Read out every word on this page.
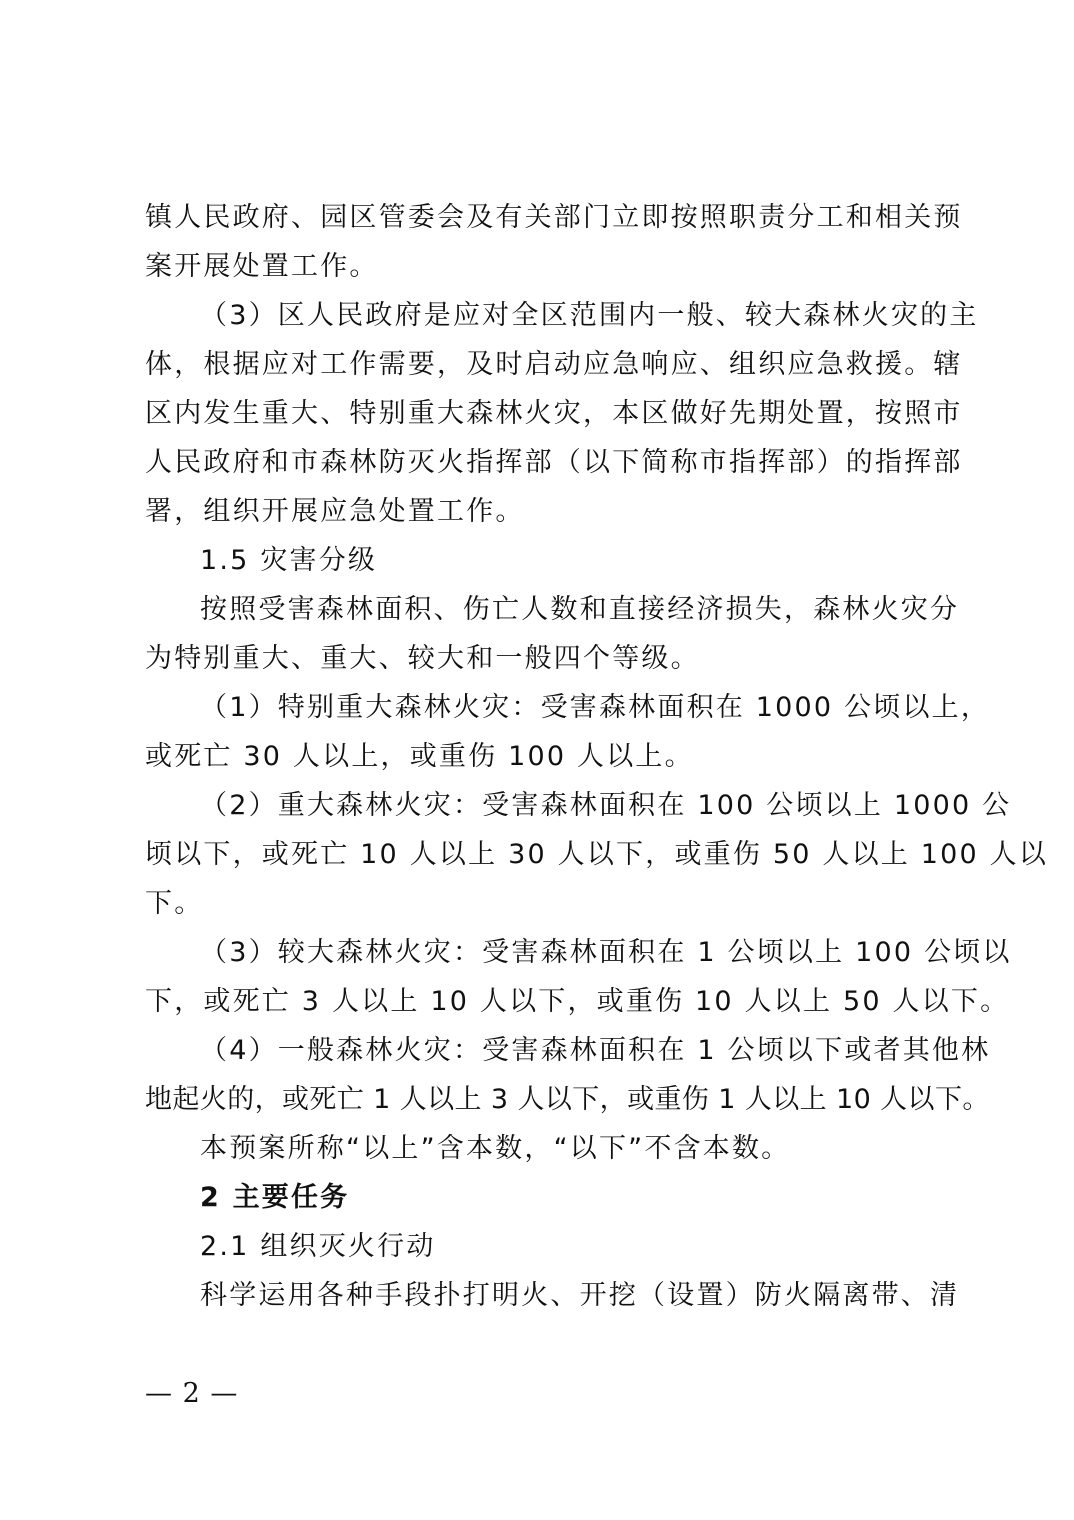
镇人民政府、园区管委会及有关部门立即按照职责分工和相关预
案开展处置工作。
（3）区人民政府是应对全区范围内一般、较大森林火灾的主
体，根据应对工作需要，及时启动应急响应、组织应急救援。辖
区内发生重大、特别重大森林火灾，本区做好先期处置，按照市
人民政府和市森林防灭火指挥部（以下简称市指挥部）的指挥部
署，组织开展应急处置工作。
1.5 灾害分级
按照受害森林面积、伤亡人数和直接经济损失，森林火灾分
为特别重大、重大、较大和一般四个等级。
（1）特别重大森林火灾：受害森林面积在 1000 公顷以上，
或死亡 30 人以上，或重伤 100 人以上。
（2）重大森林火灾：受害森林面积在 100 公顷以上 1000 公
顷以下，或死亡 10 人以上 30 人以下，或重伤 50 人以上 100 人以
下。
（3）较大森林火灾：受害森林面积在 1 公顷以上 100 公顷以
下，或死亡 3 人以上 10 人以下，或重伤 10 人以上 50 人以下。
（4）一般森林火灾：受害森林面积在 1 公顷以下或者其他林
地起火的，或死亡 1 人以上 3 人以下，或重伤 1 人以上 10 人以下。
本预案所称“以上”含本数，“以下”不含本数。
2 主要任务
2.1 组织灭火行动
科学运用各种手段扑打明火、开挖（设置）防火隔离带、清
— 2 —
